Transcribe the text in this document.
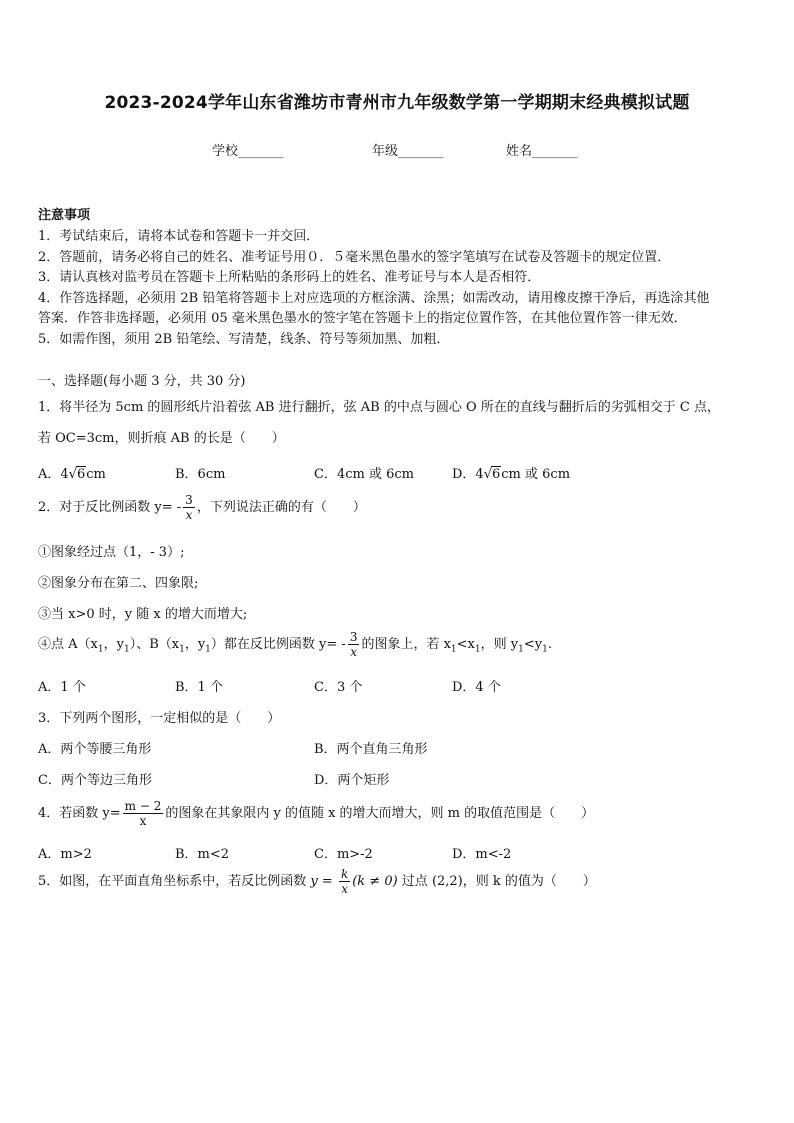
2023-2024学年山东省潍坊市青州市九年级数学第一学期期末经典模拟试题
学校_______	年级_______	姓名_______
注意事项
1．考试结束后，请将本试卷和答题卡一并交回．
2．答题前，请务必将自己的姓名、准考证号用０．５毫米黑色墨水的签字笔填写在试卷及答题卡的规定位置．
3．请认真核对监考员在答题卡上所粘贴的条形码上的姓名、准考证号与本人是否相符．
4．作答选择题，必须用 2B 铅笔将答题卡上对应选项的方框涂满、涂黑；如需改动，请用橡皮擦干净后，再选涂其他
答案．作答非选择题，必须用 05 毫米黑色墨水的签字笔在答题卡上的指定位置作答，在其他位置作答一律无效．
5．如需作图，须用 2B 铅笔绘、写清楚，线条、符号等须加黑、加粗．
一、选择题(每小题 3 分，共 30 分)
1．将半径为 5cm 的圆形纸片沿着弦 AB 进行翻折，弦 AB 的中点与圆心 O 所在的直线与翻折后的劣弧相交于 C 点，
若 OC=3cm，则折痕 AB 的长是（　　）
A．4√6cm	B．6cm	C．4cm 或 6cm	D．4√6cm 或 6cm
2．对于反比例函数 $y= - \frac{3}{x}$ ，下列说法正确的有（　　）
①图象经过点（1，- 3）;
②图象分布在第二、四象限;
③当 x>0 时，y 随 x 的增大而增大;
④点 $A(x_1$，$y_1$）、$B(x_1$，$y_1$）都在反比例函数 $y= - \frac{3}{x}$ 的图象上，若 $x_1<x_1$，则 $y_1<y_1$.
A．1 个	B．1 个	C．3 个	D．4 个
3．下列两个图形，一定相似的是（　　）
A．两个等腰三角形	B．两个直角三角形
C．两个等边三角形	D．两个矩形
4．若函数 $y= \frac{m - 2}{x}$ 的图象在其象限内 y 的值随 x 的增大而增大，则 m 的取值范围是（　　）
A．m>2	B．m<2	C．m>-2	D．m<-2
5．如图，在平面直角坐标系中，若反比例函数 $y = \frac{k}{x} (k \ne 0)$ 过点 (2,2)，则 k 的值为（　　）
